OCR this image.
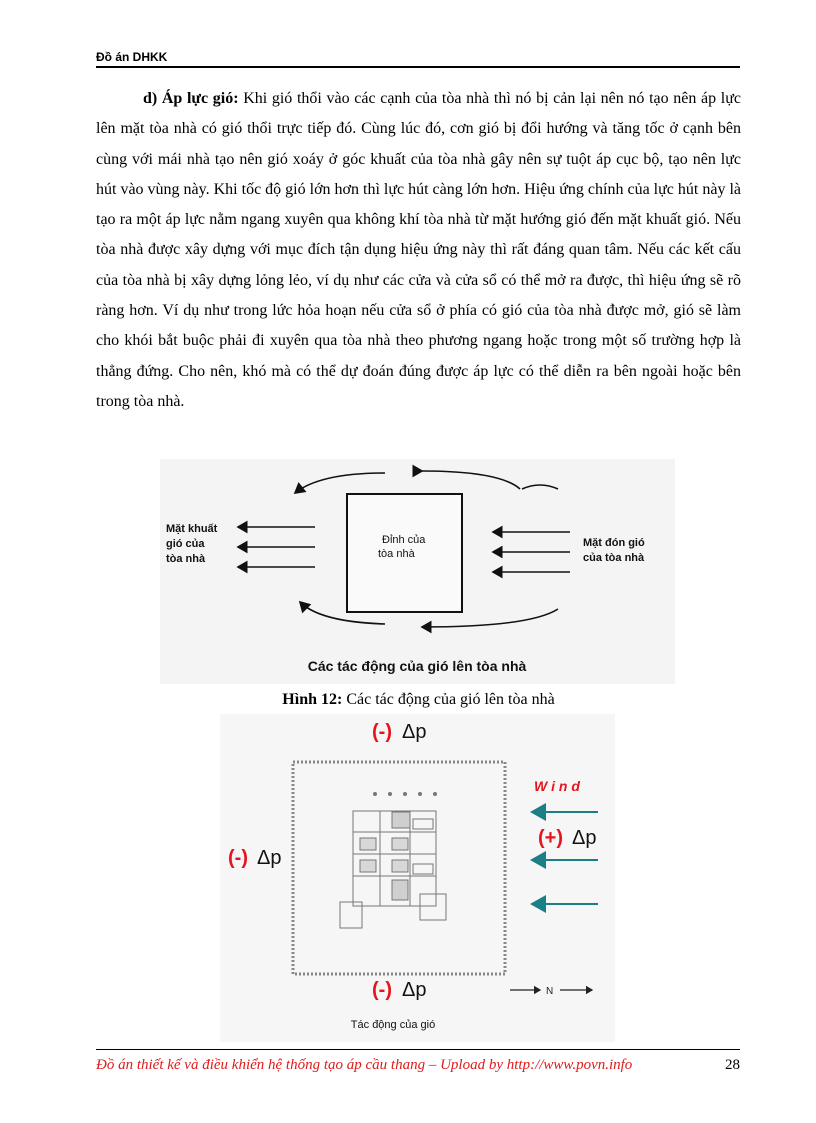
Đồ án DHKK

d) Áp lực gió: Khi gió thổi vào các cạnh của tòa nhà thì nó bị cản lại nên nó tạo nên áp lực lên mặt tòa nhà có gió thổi trực tiếp đó. Cùng lúc đó, cơn gió bị đổi hướng và tăng tốc ở cạnh bên cùng với mái nhà tạo nên gió xoáy ở góc khuất của tòa nhà gây nên sự tuột áp cục bộ, tạo nên lực hút vào vùng này. Khi tốc độ gió lớn hơn thì lực hút càng lớn hơn. Hiệu ứng chính của lực hút này là tạo ra một áp lực nằm ngang xuyên qua không khí tòa nhà từ mặt hướng gió đến mặt khuất gió. Nếu tòa nhà được xây dựng với mục đích tận dụng hiệu ứng này thì rất đáng quan tâm. Nếu các kết cấu của tòa nhà bị xây dựng lỏng lẻo, ví dụ như các cửa và cửa sổ có thể mở ra được, thì hiệu ứng sẽ rõ ràng hơn. Ví dụ như trong lức hỏa hoạn nếu cửa sổ ở phía có gió của tòa nhà được mở, gió sẽ làm cho khói bắt buộc phải đi xuyên qua tòa nhà theo phương ngang hoặc trong một số trường hợp là thẳng đứng. Cho nên, khó mà có thể dự đoán đúng được áp lực có thể diễn ra bên ngoài hoặc bên trong tòa nhà.

Đỉnh của
tòa nhà
Mặt khuất
gió của
tòa nhà
Mặt đón gió
của tòa nhà
Các tác động của gió lên tòa nhà
Hình 12: Các tác động của gió lên tòa nhà
(-) Δp
(-) Δp
W i n d
(+) Δp
(-) Δp	N
Tác động của gió
Đồ án thiết kế và điều khiển hệ thống tạo áp cầu thang – Upload by http://www.povn.info	28
